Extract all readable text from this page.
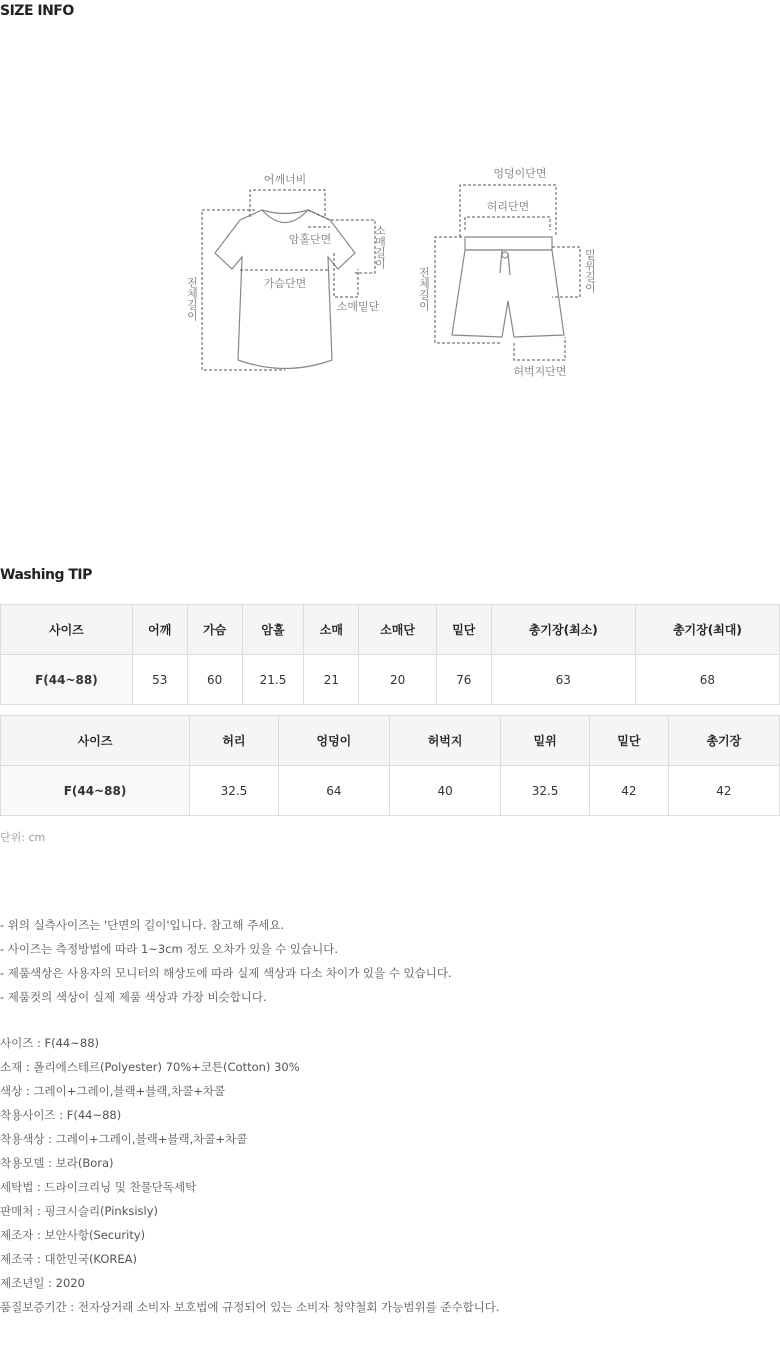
SIZE INFO
어깨너비
암홀단면
가슴단면
소매밑단
엉덩이단면
허리단면
허벅지단면
전체길이
소매길이
전체길이	밑위길이
Washing TIP
사이즈	어깨	가슴	암홀	소매	소매단	밑단	총기장(최소)	총기장(최대)
F(44~88)	53	60	21.5	21	20	76	63	68
사이즈	허리	엉덩이	허벅지	밑위	밑단	총기장
F(44~88)	32.5	64	40	32.5	42	42
단위: cm
- 위의 실측사이즈는 '단면의 길이'입니다. 참고해 주세요.
- 사이즈는 측정방법에 따라 1~3cm 정도 오차가 있을 수 있습니다.
- 제품색상은 사용자의 모니터의 해상도에 따라 실제 색상과 다소 차이가 있을 수 있습니다.
- 제품컷의 색상이 실제 제품 색상과 가장 비슷합니다.
사이즈 : F(44~88)
소재 : 폴리에스테르(Polyester) 70%+코튼(Cotton) 30%
색상 : 그레이+그레이,블랙+블랙,차콜+차콜
착용사이즈 : F(44~88)
착용색상 : 그레이+그레이,블랙+블랙,차콜+차콜
착용모델 : 보라(Bora)
세탁법 : 드라이크리닝 및 찬물단독세탁
판매처 : 핑크시슬리(Pinksisly)
제조자 : 보안사항(Security)
제조국 : 대한민국(KOREA)
제조년일 : 2020
품질보증기간 : 전자상거래 소비자 보호법에 규정되어 있는 소비자 청약철회 가능범위를 준수합니다.
